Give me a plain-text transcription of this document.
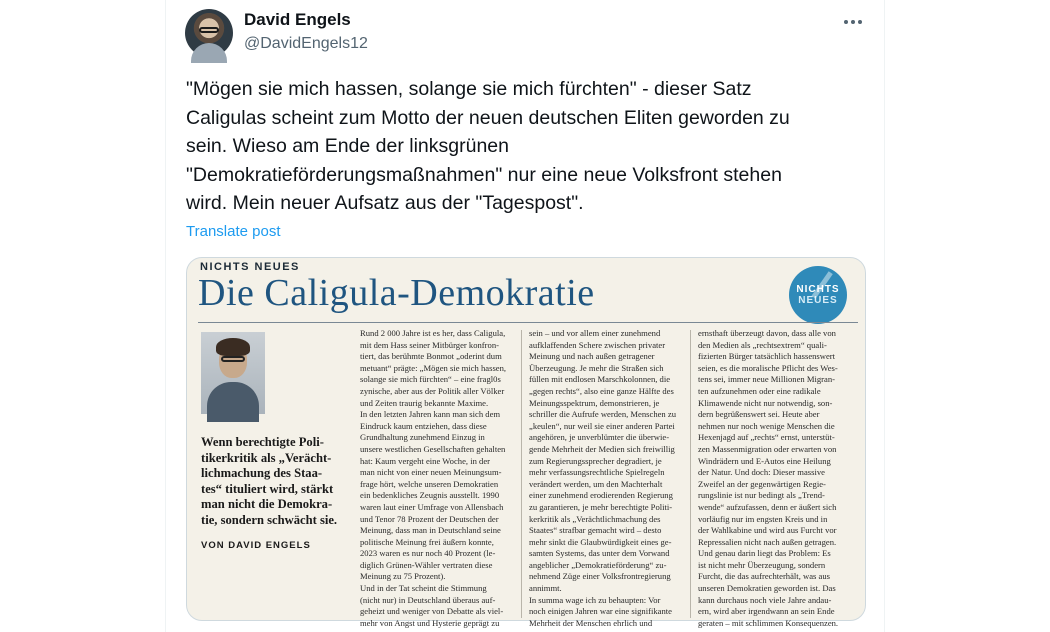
David Engels
@DavidEngels12
"Mögen sie mich hassen, solange sie mich fürchten" - dieser Satz
Caligulas scheint zum Motto der neuen deutschen Eliten geworden zu
sein. Wieso am Ende der linksgrünen
"Demokratieförderungsmaßnahmen" nur eine neue Volksfront stehen
wird. Mein neuer Aufsatz aus der "Tagespost".
Translate post
NICHTS NEUES
Die Caligula-Demokratie	NICHTS
NEUES
Wenn berechtigte Poli-
tikerkritik als „Verächt-
lichmachung des Staa-
tes“ tituliert wird, stärkt
man nicht die Demokra-
tie, sondern schwächt sie.
VON DAVID ENGELS
Rund 2 000 Jahre ist es her, dass Caligula,
mit dem Hass seiner Mitbürger konfron-
tiert, das berühmte Bonmot „oderint dum
metuant“ prägte: „Mögen sie mich hassen,
solange sie mich fürchten“ – eine fragl0s
zynische, aber aus der Politik aller Völker
und Zeiten traurig bekannte Maxime.
In den letzten Jahren kann man sich dem
Eindruck kaum entziehen, dass diese
Grundhaltung zunehmend Einzug in
unsere westlichen Gesellschaften gehalten
hat: Kaum vergeht eine Woche, in der
man nicht von einer neuen Meinungsum-
frage hört, welche unseren Demokratien
ein bedenkliches Zeugnis ausstellt. 1990
waren laut einer Umfrage von Allensbach
und Tenor 78 Prozent der Deutschen der
Meinung, dass man in Deutschland seine
politische Meinung frei äußern konnte,
2023 waren es nur noch 40 Prozent (le-
diglich Grünen-Wähler vertraten diese
Meinung zu 75 Prozent).
Und in der Tat scheint die Stimmung
(nicht nur) in Deutschland überaus auf-
geheizt und weniger von Debatte als viel-
mehr von Angst und Hysterie geprägt zu
sein – und vor allem einer zunehmend
aufklaffenden Schere zwischen privater
Meinung und nach außen getragener
Überzeugung. Je mehr die Straßen sich
füllen mit endlosen Marschkolonnen, die
„gegen rechts“, also eine ganze Hälfte des
Meinungsspektrum, demonstrieren, je
schriller die Aufrufe werden, Menschen zu
„keulen“, nur weil sie einer anderen Partei
angehören, je unverblümter die überwie-
gende Mehrheit der Medien sich freiwillig
zum Regierungssprecher degradiert, je
mehr verfassungsrechtliche Spielregeln
verändert werden, um den Machterhalt
einer zunehmend erodierenden Regierung
zu garantieren, je mehr berechtigte Politi-
kerkritik als „Verächtlichmachung des
Staates“ strafbar gemacht wird – desto
mehr sinkt die Glaubwürdigkeit eines ge-
samten Systems, das unter dem Vorwand
angeblicher „Demokratieförderung“ zu-
nehmend Züge einer Volksfrontregierung
annimmt.
In summa wage ich zu behaupten: Vor
noch einigen Jahren war eine signifikante
Mehrheit der Menschen ehrlich und
ernsthaft überzeugt davon, dass alle von
den Medien als „rechtsextrem“ quali-
fizierten Bürger tatsächlich hassenswert
seien, es die moralische Pflicht des Wes-
tens sei, immer neue Millionen Migran-
ten aufzunehmen oder eine radikale
Klimawende nicht nur notwendig, son-
dern begrüßenswert sei. Heute aber
nehmen nur noch wenige Menschen die
Hexenjagd auf „rechts“ ernst, unterstüt-
zen Massenmigration oder erwarten von
Windrädern und E-Autos eine Heilung
der Natur. Und doch: Dieser massive
Zweifel an der gegenwärtigen Regie-
rungslinie ist nur bedingt als „Trend-
wende“ aufzufassen, denn er äußert sich
vorläufig nur im engsten Kreis und in
der Wahlkabine und wird aus Furcht vor
Repressalien nicht nach außen getragen.
Und genau darin liegt das Problem: Es
ist nicht mehr Überzeugung, sondern
Furcht, die das aufrechterhält, was aus
unseren Demokratien geworden ist. Das
kann durchaus noch viele Jahre andau-
ern, wird aber irgendwann an sein Ende
geraten – mit schlimmen Konsequenzen.
